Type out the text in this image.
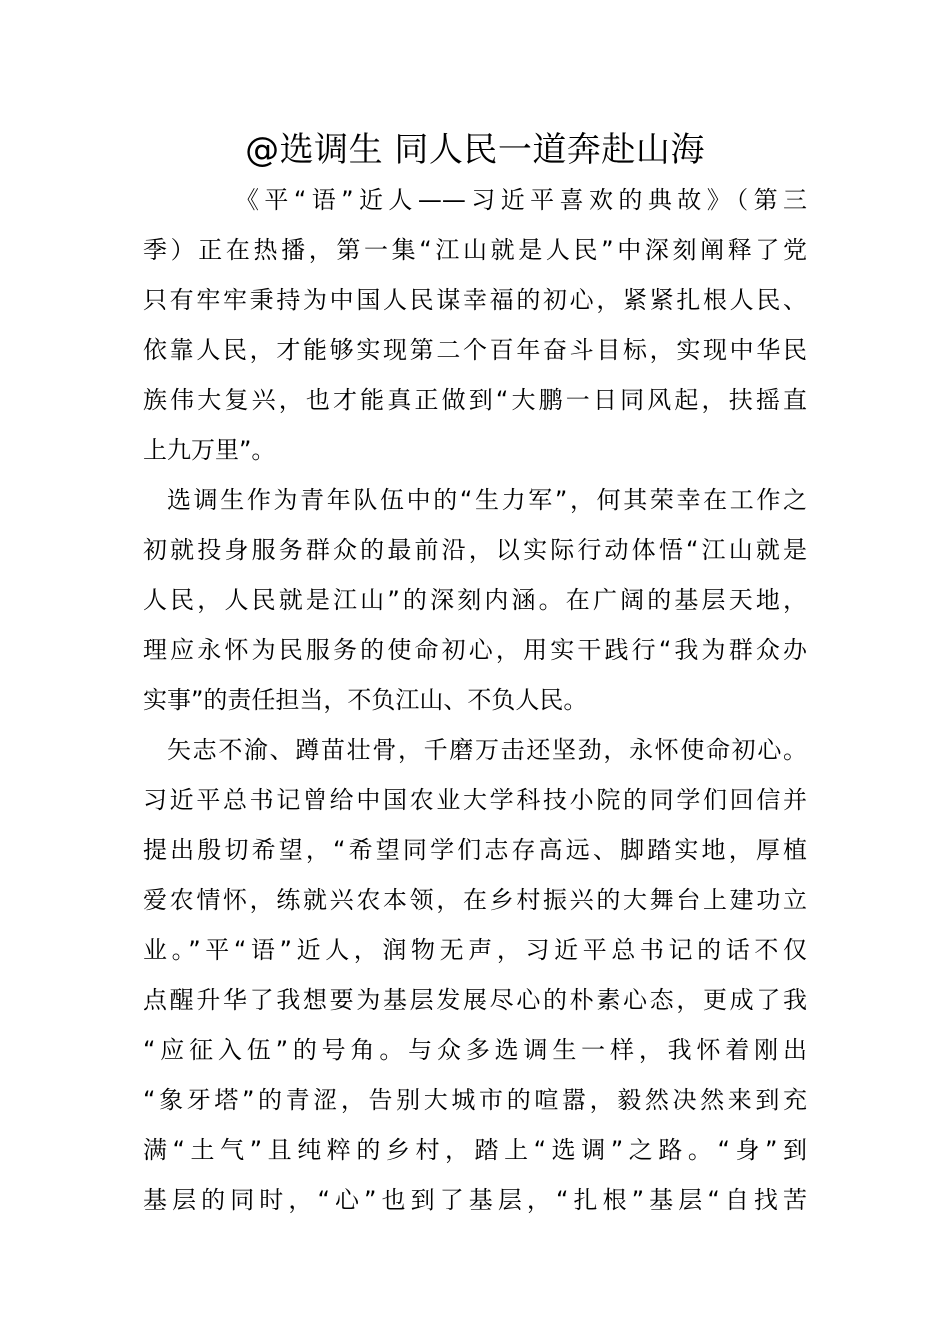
@选调生 同人民一道奔赴山海
《平“语”近人——习近平喜欢的典故》（第三
季）正在热播，第一集“江山就是人民”中深刻阐释了党
只有牢牢秉持为中国人民谋幸福的初心，紧紧扎根人民、
依靠人民，才能够实现第二个百年奋斗目标，实现中华民
族伟大复兴，也才能真正做到“大鹏一日同风起，扶摇直
上九万里”。
选调生作为青年队伍中的“生力军”，何其荣幸在工作之
初就投身服务群众的最前沿，以实际行动体悟“江山就是
人民，人民就是江山”的深刻内涵。在广阔的基层天地，
理应永怀为民服务的使命初心，用实干践行“我为群众办
实事”的责任担当，不负江山、不负人民。
矢志不渝、蹲苗壮骨，千磨万击还坚劲，永怀使命初心。
习近平总书记曾给中国农业大学科技小院的同学们回信并
提出殷切希望，“希望同学们志存高远、脚踏实地，厚植
爱农情怀，练就兴农本领，在乡村振兴的大舞台上建功立
业。”平“语”近人，润物无声，习近平总书记的话不仅
点醒升华了我想要为基层发展尽心的朴素心态，更成了我
“应征入伍”的号角。与众多选调生一样，我怀着刚出
“象牙塔”的青涩，告别大城市的喧嚣，毅然决然来到充
满“土气”且纯粹的乡村，踏上“选调”之路。“身”到
基层的同时，“心”也到了基层，“扎根”基层“自找苦
